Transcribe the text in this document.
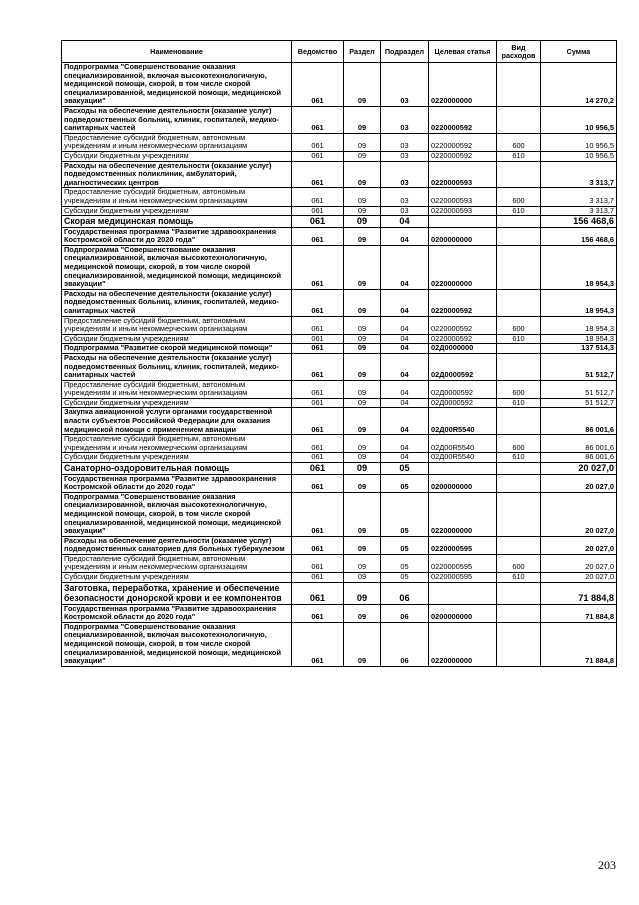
Наименование	Ведомство	Раздел	Подраздел	Целевая статья	Вид расходов	Сумма
Подпрограмма "Совершенствование оказания специализированной, включая высокотехнологичную, медицинской помощи, скорой, в том числе скорой специализированной, медицинской помощи, медицинской эвакуации"	061	09	03	0220000000		14 270,2
Расходы на обеспечение деятельности (оказание услуг) подведомственных больниц, клиник, госпиталей, медико-санитарных частей	061	09	03	0220000592		10 956,5
Предоставление субсидий бюджетным, автономным учреждениям и иным некоммерческим организациям	061	09	03	0220000592	600	10 956,5
Субсидии бюджетным учреждениям	061	09	03	0220000592	610	10 956,5
Расходы на обеспечение деятельности (оказание услуг) подведомственных поликлиник, амбулаторий, диагностических центров	061	09	03	0220000593		3 313,7
Предоставление субсидий бюджетным, автономным учреждениям и иным некоммерческим организациям	061	09	03	0220000593	600	3 313,7
Субсидии бюджетным учреждениям	061	09	03	0220000593	610	3 313,7
Скорая медицинская помощь	061	09	04			156 468,6
Государственная программа "Развитие здравоохранения Костромской области до 2020 года"	061	09	04	0200000000		156 468,6
Подпрограмма "Совершенствование оказания специализированной, включая высокотехнологичную, медицинской помощи, скорой, в том числе скорой специализированной, медицинской помощи, медицинской эвакуации"	061	09	04	0220000000		18 954,3
Расходы на обеспечение деятельности (оказание услуг) подведомственных больниц, клиник, госпиталей, медико-санитарных частей	061	09	04	0220000592		18 954,3
Предоставление субсидий бюджетным, автономным учреждениям и иным некоммерческим организациям	061	09	04	0220000592	600	18 954,3
Субсидии бюджетным учреждениям	061	09	04	0220000592	610	18 954,3
Подпрограмма "Развитие скорой медицинской помощи"	061	09	04	02Д0000000		137 514,3
Расходы на обеспечение деятельности (оказание услуг) подведомственных больниц, клиник, госпиталей, медико-санитарных частей	061	09	04	02Д0000592		51 512,7
Предоставление субсидий бюджетным, автономным учреждениям и иным некоммерческим организациям	061	09	04	02Д0000592	600	51 512,7
Субсидии бюджетным учреждениям	061	09	04	02Д0000592	610	51 512,7
Закупка авиационной услуги органами государственной власти субъектов Российской Федерации для оказания медицинской помощи с применением авиации	061	09	04	02Д00R5540		86 001,6
Предоставление субсидий бюджетным, автономным учреждениям и иным некоммерческим организациям	061	09	04	02Д00R5540	600	86 001,6
Субсидии бюджетным учреждениям	061	09	04	02Д00R5540	610	86 001,6
Санаторно-оздоровительная помощь	061	09	05			20 027,0
Государственная программа "Развитие здравоохранения Костромской области до 2020 года"	061	09	05	0200000000		20 027,0
Подпрограмма "Совершенствование оказания специализированной, включая высокотехнологичную, медицинской помощи, скорой, в том числе скорой специализированной, медицинской помощи, медицинской эвакуации"	061	09	05	0220000000		20 027,0
Расходы на обеспечение деятельности (оказание услуг) подведомственных санаториев для больных туберкулезом	061	09	05	0220000595		20 027,0
Предоставление субсидий бюджетным, автономным учреждениям и иным некоммерческим организациям	061	09	05	0220000595	600	20 027,0
Субсидии бюджетным учреждениям	061	09	05	0220000595	610	20 027,0
Заготовка, переработка, хранение и обеспечение безопасности донорской крови и ее компонентов	061	09	06			71 884,8
Государственная программа "Развитие здравоохранения Костромской области до 2020 года"	061	09	06	0200000000		71 884,8
Подпрограмма "Совершенствование оказания специализированной, включая высокотехнологичную, медицинской помощи, скорой, в том числе скорой специализированной, медицинской помощи, медицинской эвакуации"	061	09	06	0220000000		71 884,8
203
